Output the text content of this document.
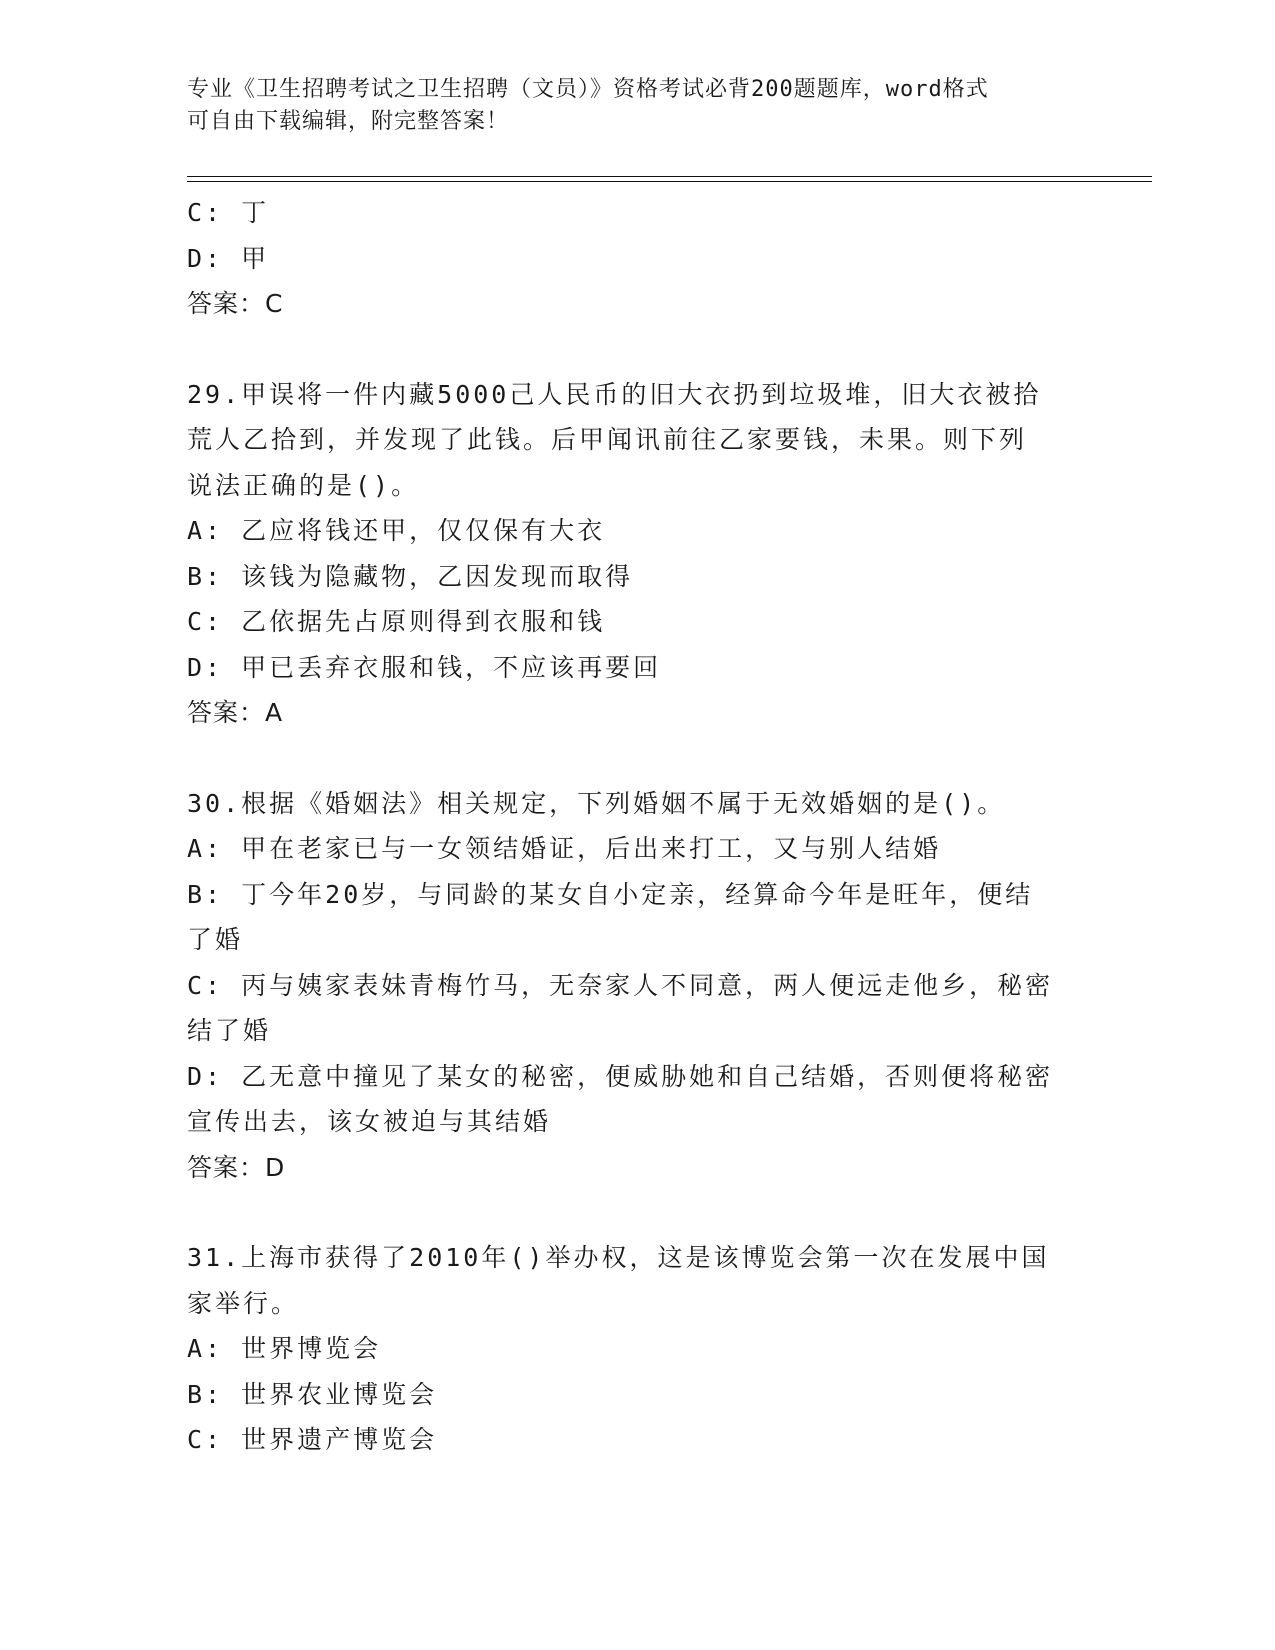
专业《卫生招聘考试之卫生招聘（文员）》资格考试必背200题题库，word格式
可自由下载编辑，附完整答案！
C: 丁
D: 甲
答案：C
29.甲误将一件内藏5000己人民币的旧大衣扔到垃圾堆，旧大衣被拾
荒人乙拾到，并发现了此钱。后甲闻讯前往乙家要钱，未果。则下列
说法正确的是()。
A: 乙应将钱还甲，仅仅保有大衣
B: 该钱为隐藏物，乙因发现而取得
C: 乙依据先占原则得到衣服和钱
D: 甲已丢弃衣服和钱，不应该再要回
答案：A
30.根据《婚姻法》相关规定，下列婚姻不属于无效婚姻的是()。
A: 甲在老家已与一女领结婚证，后出来打工，又与别人结婚
B: 丁今年20岁，与同龄的某女自小定亲，经算命今年是旺年，便结
了婚
C: 丙与姨家表妹青梅竹马，无奈家人不同意，两人便远走他乡，秘密
结了婚
D: 乙无意中撞见了某女的秘密，便威胁她和自己结婚，否则便将秘密
宣传出去，该女被迫与其结婚
答案：D
31.上海市获得了2010年()举办权，这是该博览会第一次在发展中国
家举行。
A: 世界博览会
B: 世界农业博览会
C: 世界遗产博览会
